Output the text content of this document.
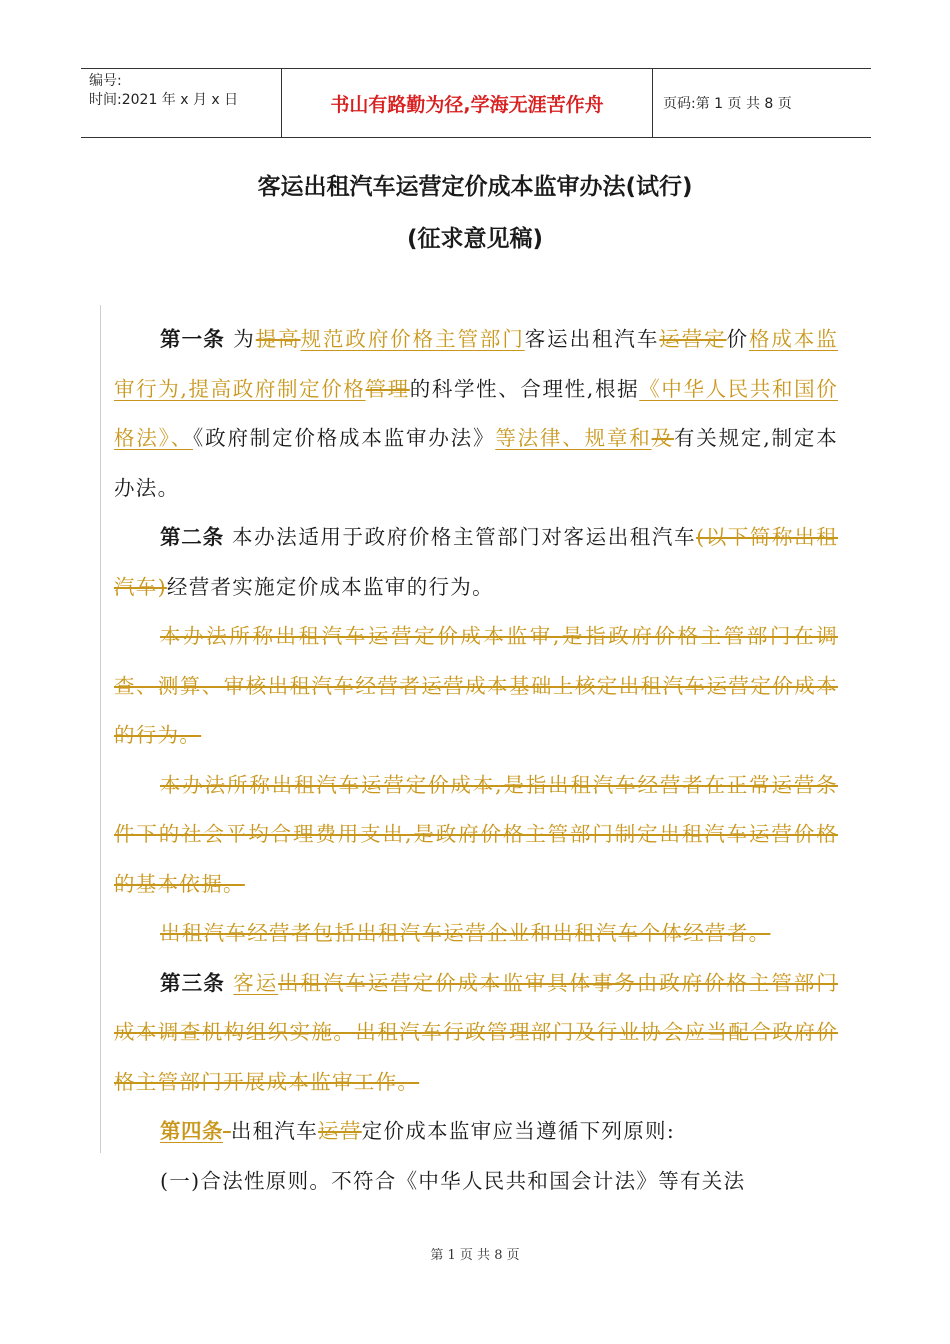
编号:
时间:2021 年 x 月 x 日	书山有路勤为径,学海无涯苦作舟	页码:第 1 页 共 8 页
客运出租汽车运营定价成本监审办法(试行)
(征求意见稿)

第一条 为提高规范政府价格主管部门客运出租汽车运营定价格成本监审行为,提高政府制定价格管理的科学性、合理性,根据《中华人民共和国价格法》、《政府制定价格成本监审办法》等法律、规章和及有关规定,制定本办法。

第二条 本办法适用于政府价格主管部门对客运出租汽车(以下简称出租汽车)经营者实施定价成本监审的行为。

本办法所称出租汽车运营定价成本监审,是指政府价格主管部门在调查、测算、审核出租汽车经营者运营成本基础上核定出租汽车运营定价成本的行为。

本办法所称出租汽车运营定价成本,是指出租汽车经营者在正常运营条件下的社会平均合理费用支出,是政府价格主管部门制定出租汽车运营价格的基本依据。

出租汽车经营者包括出租汽车运营企业和出租汽车个体经营者。

第三条 客运出租汽车运营定价成本监审具体事务由政府价格主管部门成本调查机构组织实施。出租汽车行政管理部门及行业协会应当配合政府价格主管部门开展成本监审工作。

第四条 出租汽车运营定价成本监审应当遵循下列原则:

(一)合法性原则。不符合《中华人民共和国会计法》等有关法

第 1 页 共 8 页
